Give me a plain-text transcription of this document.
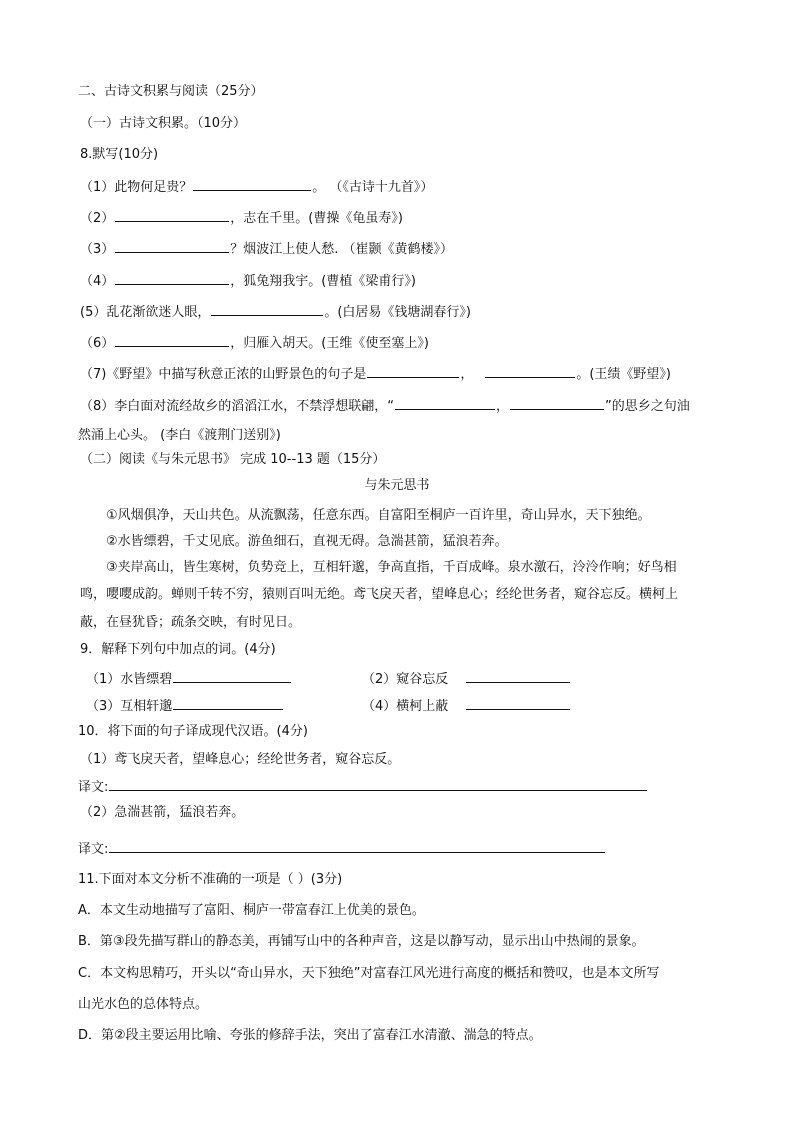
二、古诗文积累与阅读（25分）
（一）古诗文积累。（10分）
8.默写(10分)
（1）此物何足贵？	。 （《古诗十九首》）
（2）	，志在千里。(曹操《龟虽寿》)
（3）	？烟波江上使人愁. （崔颢《黄鹤楼》）
（4）	，狐兔翔我宇。(曹植《梁甫行》)
(5）乱花渐欲迷人眼，	。(白居易《钱塘湖春行》)
（6）	，归雁入胡天。(王维《使至塞上》)
（7)《野望》中描写秋意正浓的山野景色的句子是	，	。(王绩《野望》)
（8）李白面对流经故乡的滔滔江水，不禁浮想联翩，“	，	”的思乡之句油
然涌上心头。 (李白《渡荆门送别》)
（二）阅读《与朱元思书》 完成 10--13 题（15分）
与朱元思书
①风烟俱净，天山共色。从流飘荡，任意东西。自富阳至桐庐一百许里，奇山异水，天下独绝。
②水皆缥碧，千丈见底。游鱼细石，直视无碍。急湍甚箭，猛浪若奔。
③夹岸高山，皆生寒树，负势竞上，互相轩邈，争高直指，千百成峰。泉水激石，泠泠作响；好鸟相
鸣，嘤嘤成韵。蝉则千转不穷，猿则百叫无绝。鸢飞戾天者，望峰息心；经纶世务者，窥谷忘反。横柯上
蔽，在昼犹昏；疏条交映，有时见日。
9．解释下列句中加点的词。(4分)
（1）水皆缥碧	（2）窥谷忘反
（3）互相轩邈	（4）横柯上蔽
10．将下面的句子译成现代汉语。(4分)
（1）鸢飞戾天者，望峰息心；经纶世务者，窥谷忘反。
译文:
（2）急湍甚箭，猛浪若奔。
译文:
11.下面对本文分析不准确的一项是（ ）(3分)
A．本文生动地描写了富阳、桐庐一带富春江上优美的景色。
B．第③段先描写群山的静态美，再铺写山中的各种声音，这是以静写动，显示出山中热闹的景象。
C．本文构思精巧，开头以“奇山异水，天下独绝”对富春江风光进行高度的概括和赞叹，也是本文所写
山光水色的总体特点。
D．第②段主要运用比喻、夸张的修辞手法，突出了富春江水清澈、湍急的特点。
